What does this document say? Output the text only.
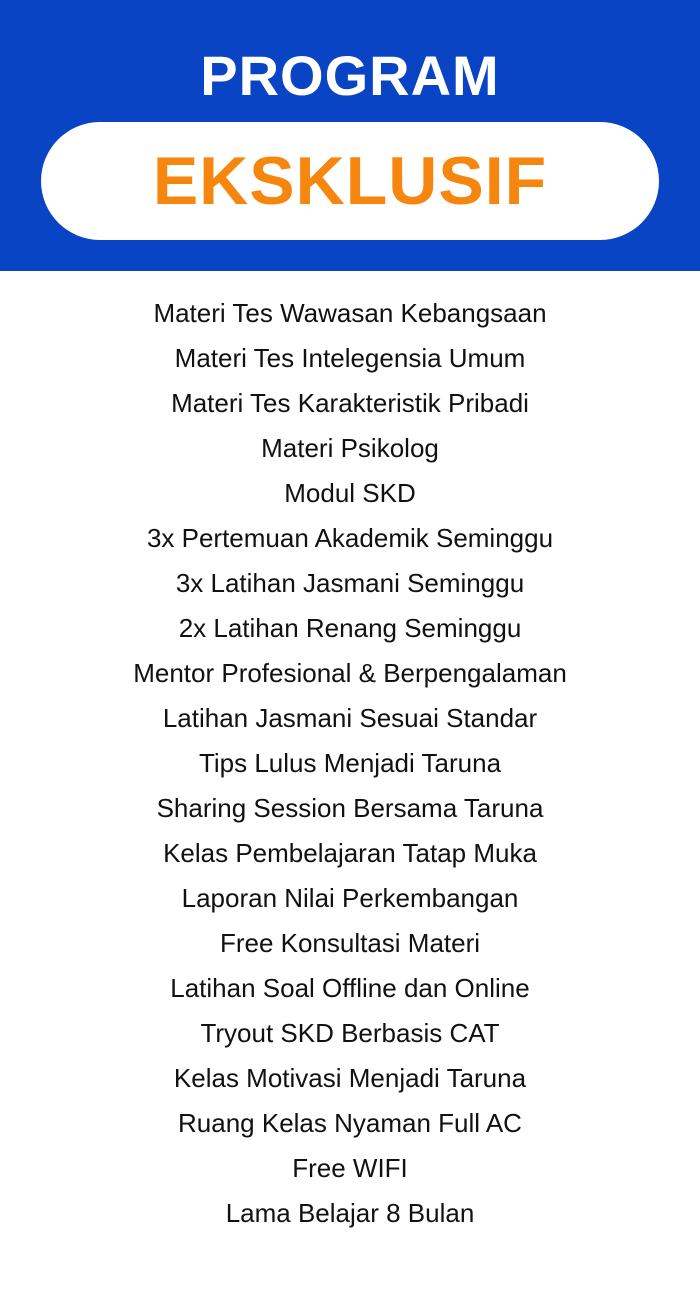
PROGRAM
EKSKLUSIF
Materi Tes Wawasan Kebangsaan
Materi Tes Intelegensia Umum
Materi Tes Karakteristik Pribadi
Materi Psikolog
Modul SKD
3x Pertemuan Akademik Seminggu
3x Latihan Jasmani Seminggu
2x Latihan Renang Seminggu
Mentor Profesional & Berpengalaman
Latihan Jasmani Sesuai Standar
Tips Lulus Menjadi Taruna
Sharing Session Bersama Taruna
Kelas Pembelajaran Tatap Muka
Laporan Nilai Perkembangan
Free Konsultasi Materi
Latihan Soal Offline dan Online
Tryout SKD Berbasis CAT
Kelas Motivasi Menjadi Taruna
Ruang Kelas Nyaman Full AC
Free WIFI
Lama Belajar 8 Bulan
